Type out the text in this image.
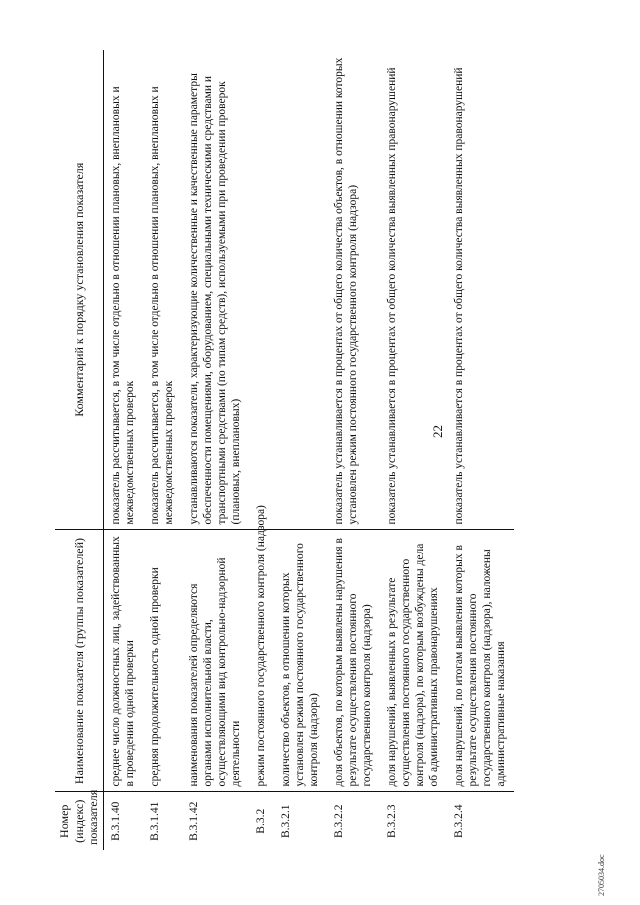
22
Номер (индекс) показателя	Наименование показателя (группы показателей)	Комментарий к порядку установления показателя
В.3.1.40	среднее число должностных лиц, задействованных в проведении одной проверки	показатель рассчитывается, в том числе отдельно в отношении плановых, внеплановых и межведомственных проверок
В.3.1.41	средняя продолжительность одной проверки	показатель рассчитывается, в том числе отдельно в отношении плановых, внеплановых и межведомственных проверок
В.3.1.42	наименования показателей определяются органами исполнительной власти, осуществляющими вид контрольно-надзорной деятельности	устанавливаются показатели, характеризующие количественные и качественные параметры обеспеченности помещениями, оборудованием, специальными техническими средствами и транспортными средствами (по типам средств), используемыми при проведении проверок (плановых, внеплановых)
В.3.2	режим постоянного государственного контроля (надзора)	
В.3.2.1	количество объектов, в отношении которых установлен режим постоянного государственного контроля (надзора)	
В.3.2.2	доля объектов, по которым выявлены нарушения в результате осуществления постоянного государственного контроля (надзора)	показатель устанавливается в процентах от общего количества объектов, в отношении которых установлен режим постоянного государственного контроля (надзора)
В.3.2.3	доля нарушений, выявленных в результате осуществления постоянного государственного контроля (надзора), по которым возбуждены дела об административных правонарушениях	показатель устанавливается в процентах от общего количества выявленных правонарушений
В.3.2.4	доля нарушений, по итогам выявления которых в результате осуществления постоянного государственного контроля (надзора), наложены административные наказания	показатель устанавливается в процентах от общего количества выявленных правонарушений
2705034.doc
